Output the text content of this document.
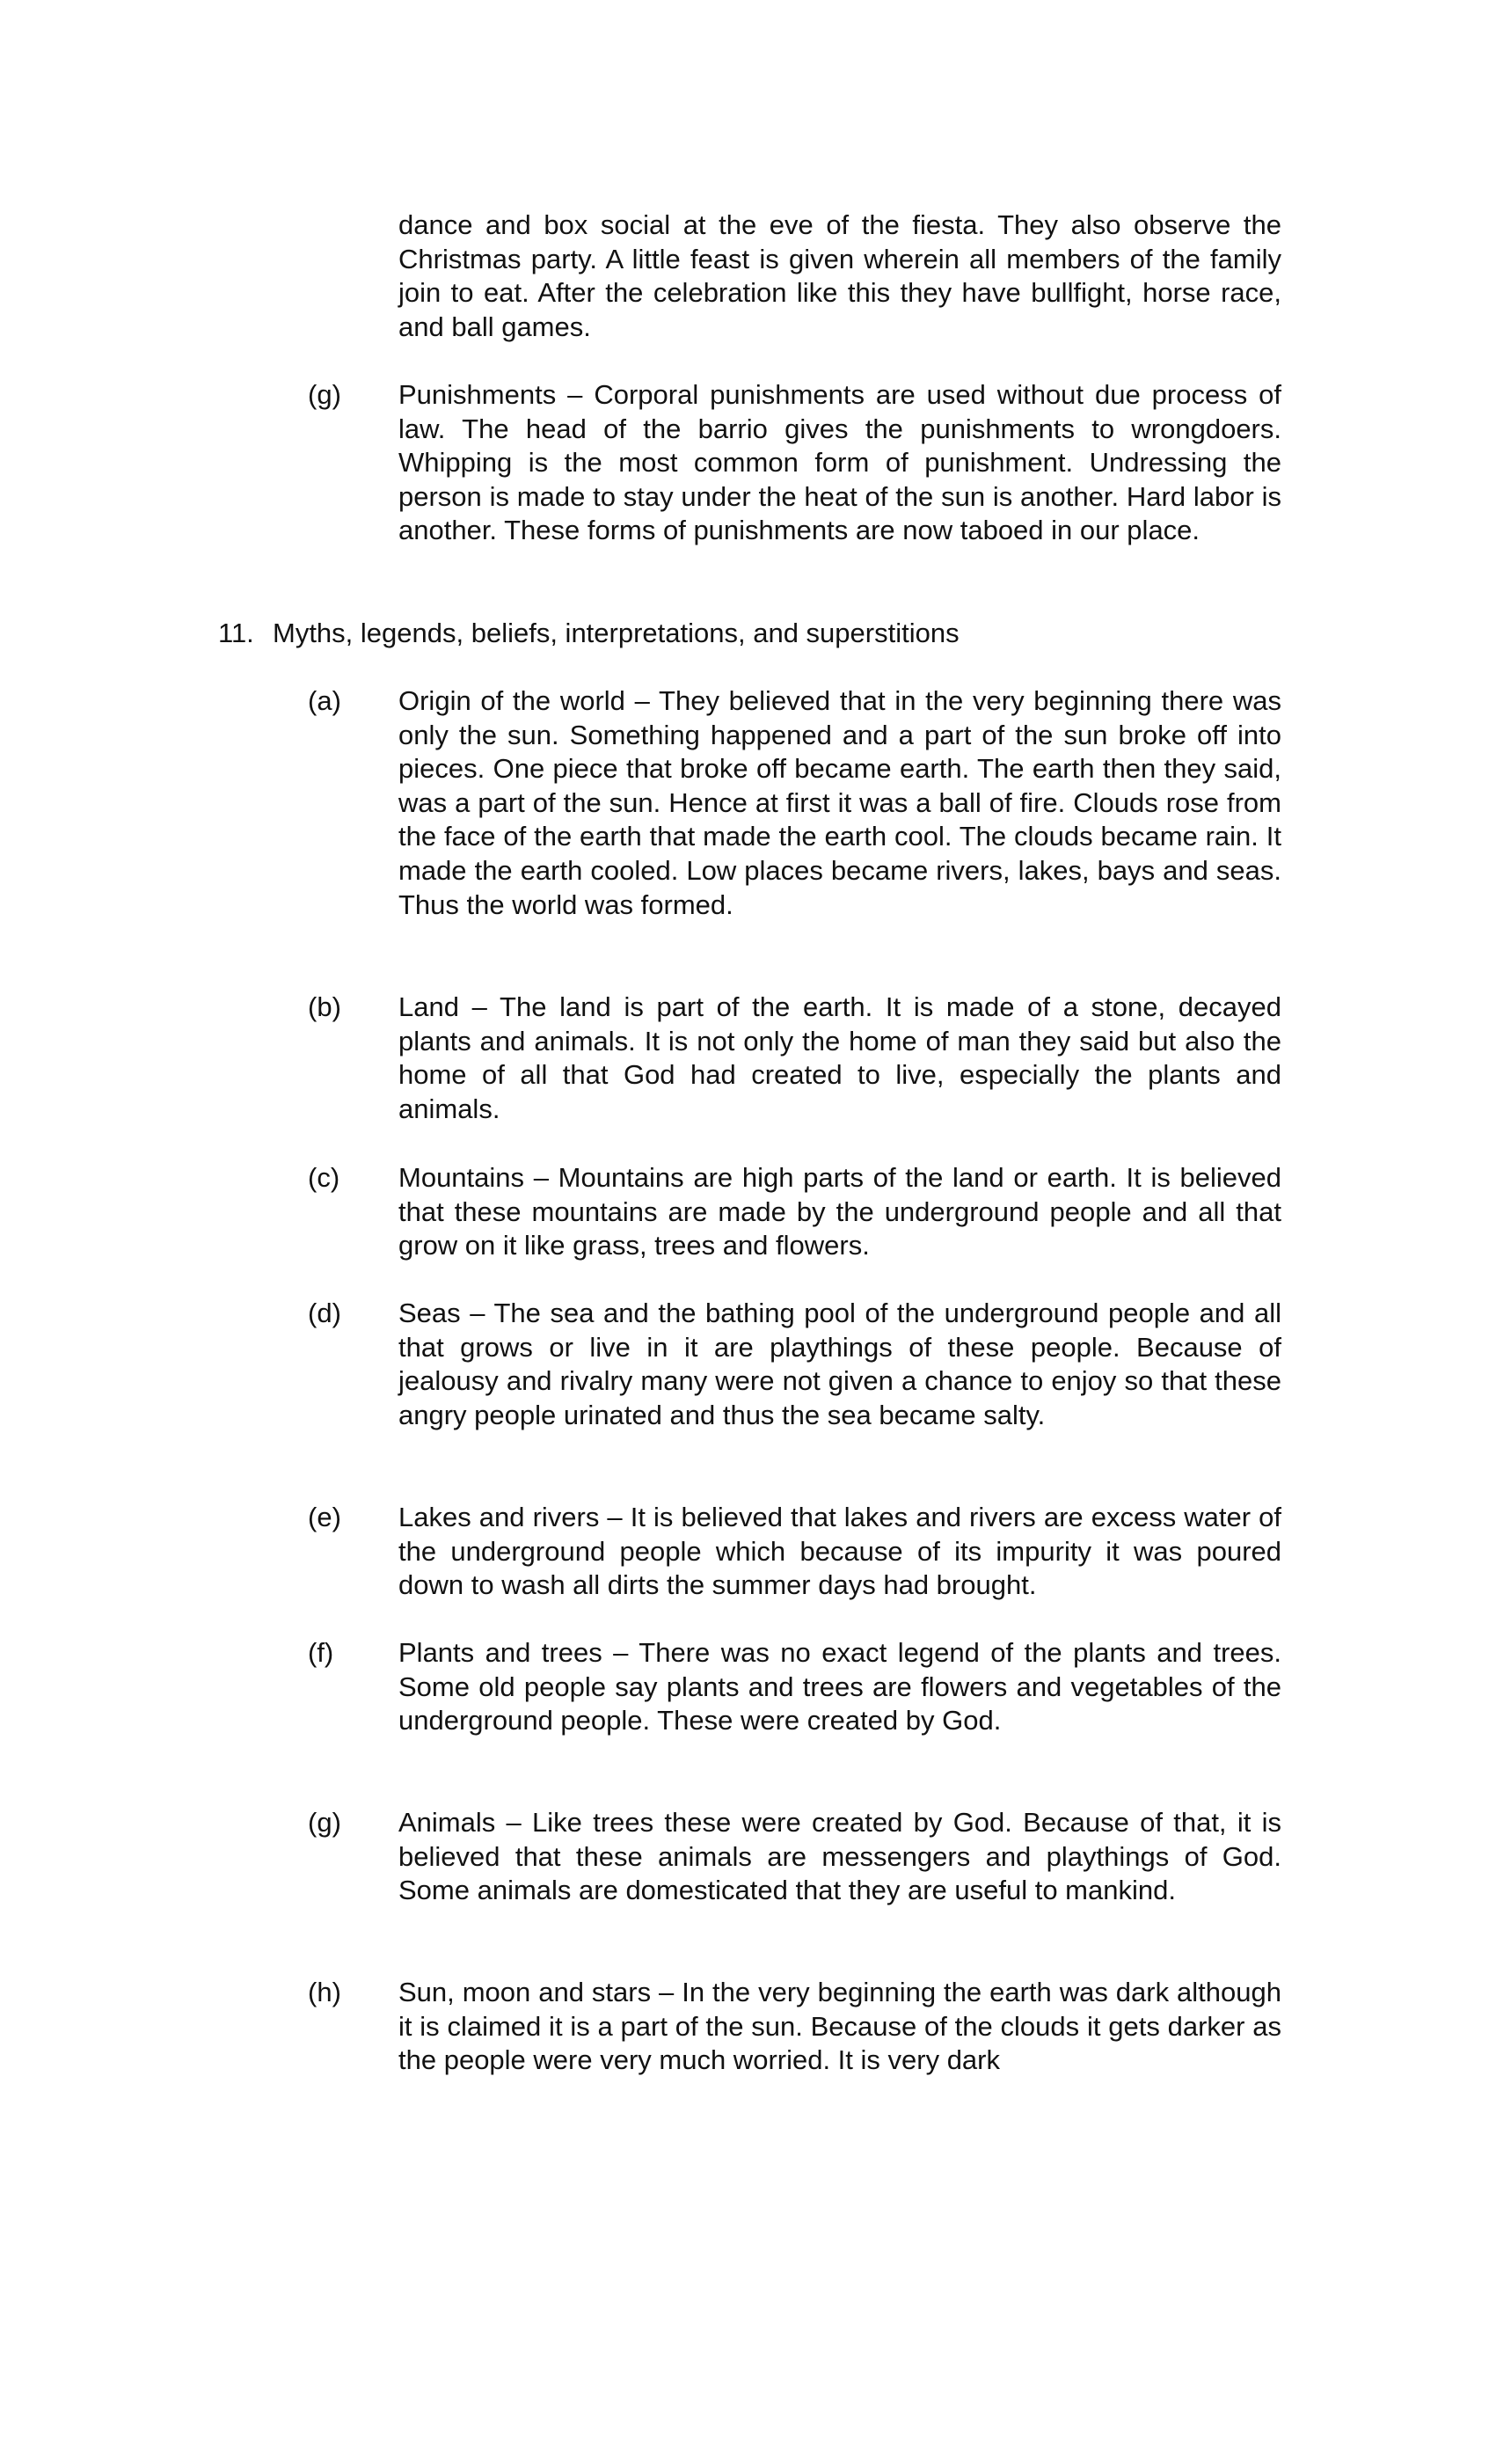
dance and box social at the eve of the fiesta. They also observe the Christmas party. A little feast is given wherein all members of the family join to eat. After the celebration like this they have bullfight, horse race, and ball games.
(g) Punishments – Corporal punishments are used without due process of law. The head of the barrio gives the punishments to wrongdoers. Whipping is the most common form of punishment. Undressing the person is made to stay under the heat of the sun is another. Hard labor is another. These forms of punishments are now taboed in our place.
11. Myths, legends, beliefs, interpretations, and superstitions
(a) Origin of the world – They believed that in the very beginning there was only the sun. Something happened and a part of the sun broke off into pieces. One piece that broke off became earth. The earth then they said, was a part of the sun. Hence at first it was a ball of fire. Clouds rose from the face of the earth that made the earth cool. The clouds became rain. It made the earth cooled. Low places became rivers, lakes, bays and seas. Thus the world was formed.
(b) Land – The land is part of the earth. It is made of a stone, decayed plants and animals. It is not only the home of man they said but also the home of all that God had created to live, especially the plants and animals.
(c) Mountains – Mountains are high parts of the land or earth. It is believed that these mountains are made by the underground people and all that grow on it like grass, trees and flowers.
(d) Seas – The sea and the bathing pool of the underground people and all that grows or live in it are playthings of these people. Because of jealousy and rivalry many were not given a chance to enjoy so that these angry people urinated and thus the sea became salty.
(e) Lakes and rivers – It is believed that lakes and rivers are excess water of the underground people which because of its impurity it was poured down to wash all dirts the summer days had brought.
(f) Plants and trees – There was no exact legend of the plants and trees. Some old people say plants and trees are flowers and vegetables of the underground people. These were created by God.
(g) Animals – Like trees these were created by God. Because of that, it is believed that these animals are messengers and playthings of God. Some animals are domesticated that they are useful to mankind.
(h) Sun, moon and stars – In the very beginning the earth was dark although it is claimed it is a part of the sun. Because of the clouds it gets darker as the people were very much worried. It is very dark
